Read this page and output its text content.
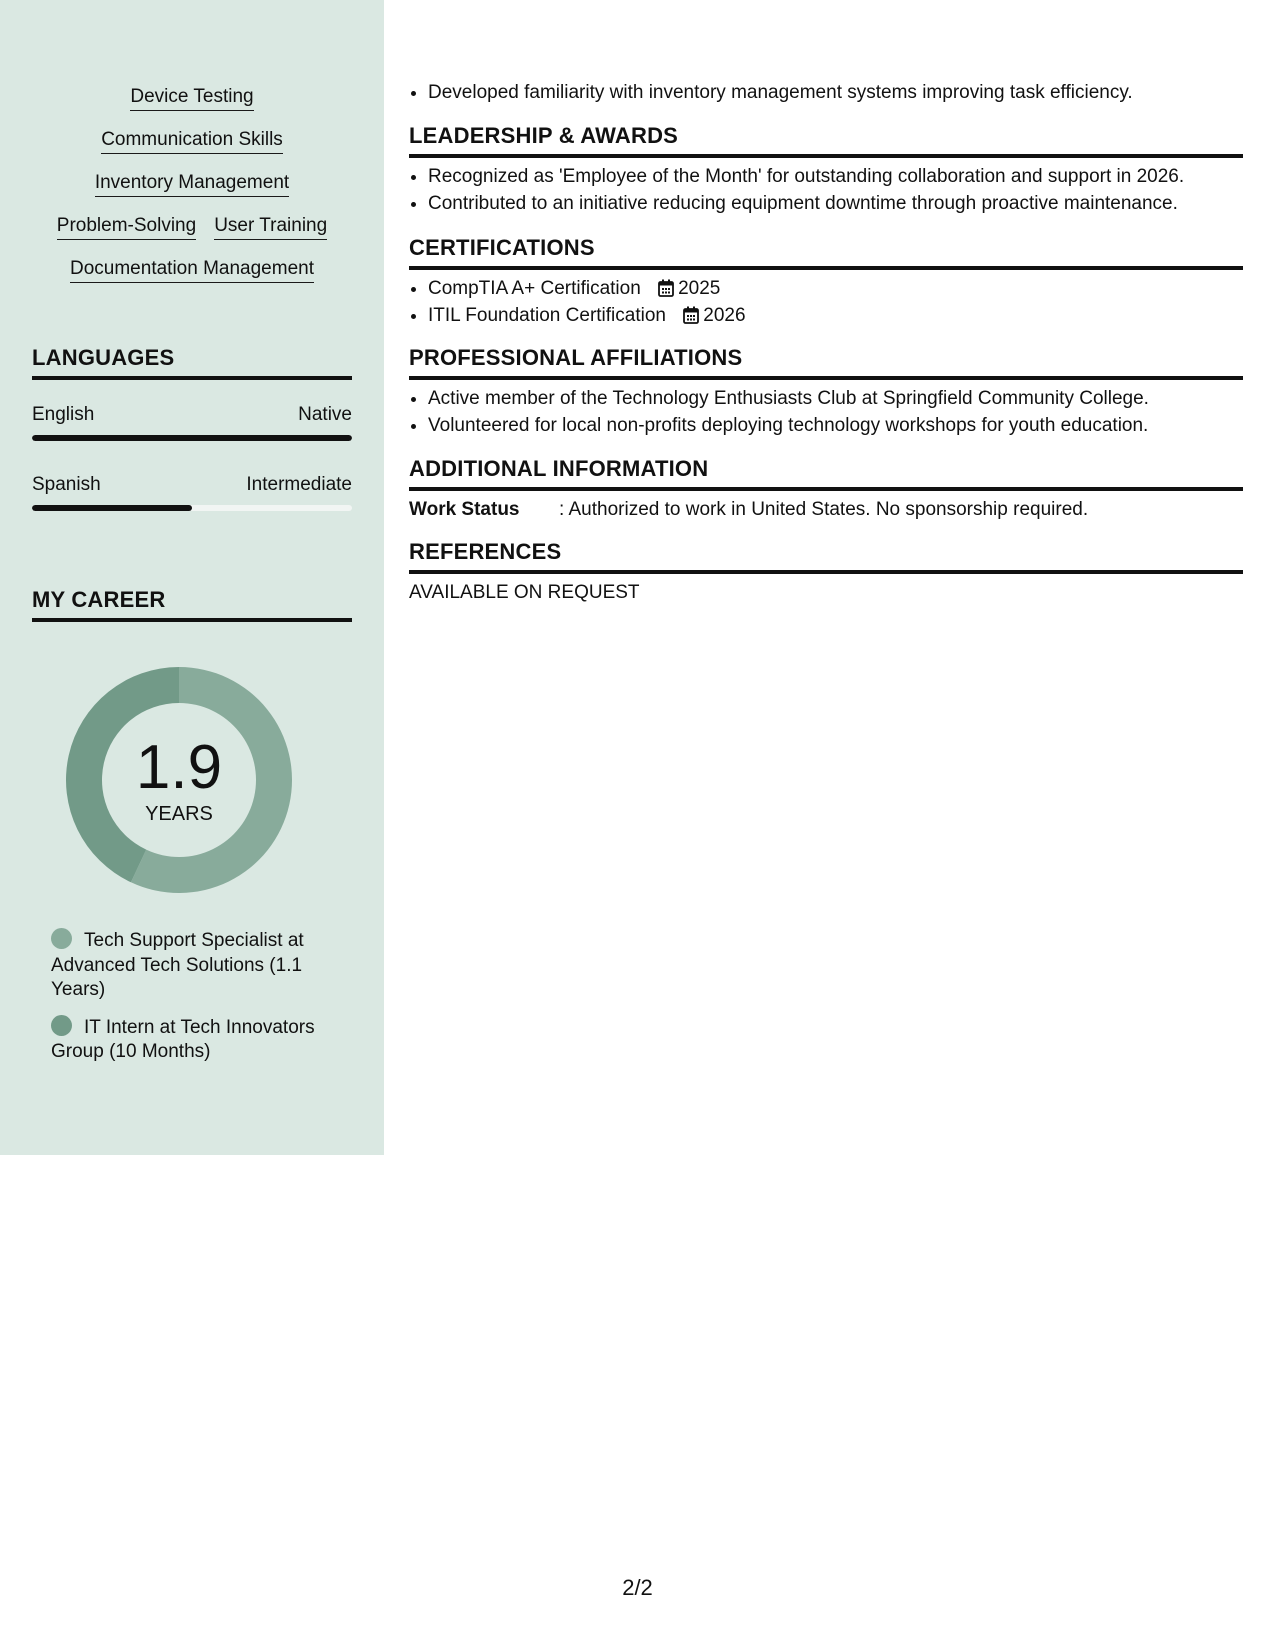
Device Testing
Communication Skills
Inventory Management
Problem-Solving User Training
Documentation Management
LANGUAGES
English	Native
Spanish	Intermediate
MY CAREER
1.9
YEARS
Tech Support Specialist at Advanced Tech Solutions (1.1 Years)
IT Intern at Tech Innovators Group (10 Months)
• Developed familiarity with inventory management systems improving task efficiency.
LEADERSHIP & AWARDS
• Recognized as 'Employee of the Month' for outstanding collaboration and support in 2026.
• Contributed to an initiative reducing equipment downtime through proactive maintenance.
CERTIFICATIONS
• CompTIA A+ Certification 2025
• ITIL Foundation Certification 2026
PROFESSIONAL AFFILIATIONS
• Active member of the Technology Enthusiasts Club at Springfield Community College.
• Volunteered for local non-profits deploying technology workshops for youth education.
ADDITIONAL INFORMATION
Work Status	: Authorized to work in United States. No sponsorship required.
REFERENCES
AVAILABLE ON REQUEST
2/2
